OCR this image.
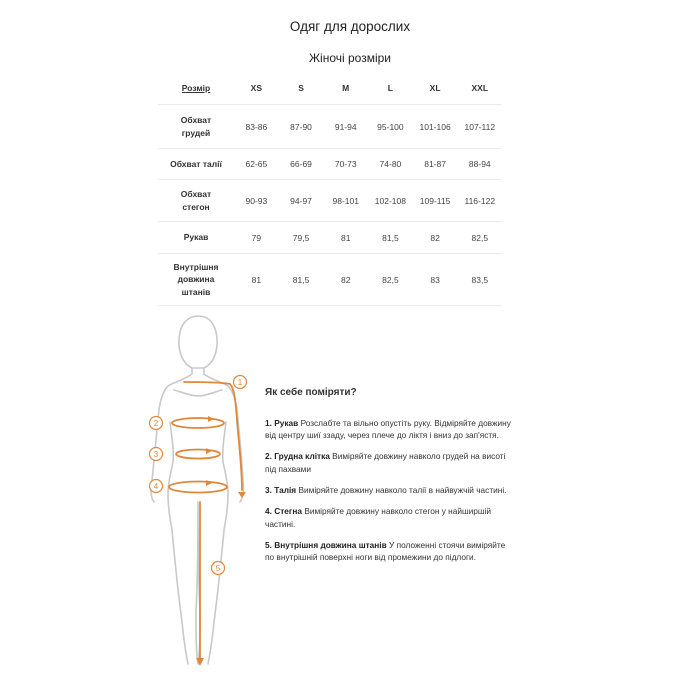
Одяг для дорослих
Жіночі розміри
Розмір	XS	S	M	L	XL	XXL
Обхват
грудей	83-86	87-90	91-94	95-100	101-106	107-112
Обхват талії	62-65	66-69	70-73	74-80	81-87	88-94
Обхват
стегон	90-93	94-97	98-101	102-108	109-115	116-122
Рукав	79	79,5	81	81,5	82	82,5
Внутрішня
довжина
штанів	81	81,5	82	82,5	83	83,5
1
2
3
4
5
Як себе поміряти?
1. Рукав Розслабте та вільно опустіть руку. Відміряйте довжину від центру шиї ззаду, через плече до ліктя і вниз до зап'ястя.
2. Грудна клітка Виміряйте довжину навколо грудей на висоті під пахвами
3. Талія Виміряйте довжину навколо талії в найвужчій частині.
4. Стегна Виміряйте довжину навколо стегон у найширшій частині.
5. Внутрішня довжина штанів У положенні стоячи виміряйте по внутрішній поверхні ноги від промежини до підлоги.
